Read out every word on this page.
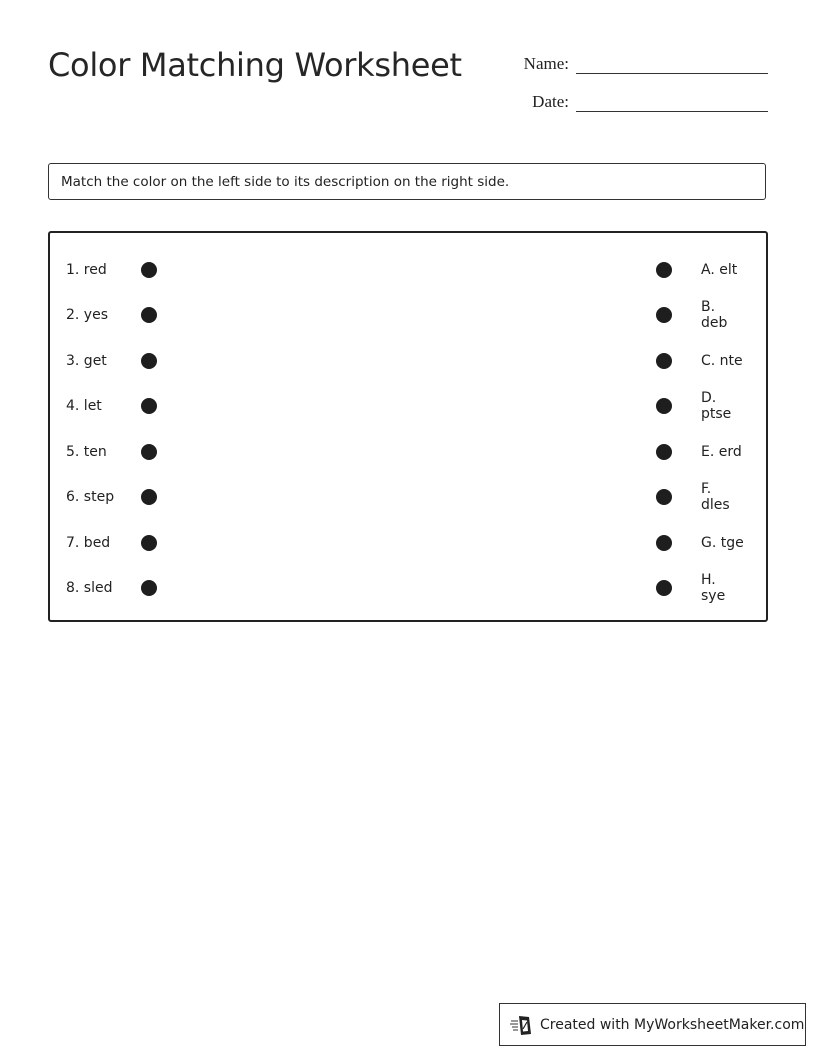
Color Matching Worksheet	Name:
Date:
Match the color on the left side to its description on the right side.
1. red
2. yes
3. get
4. let
5. ten
6. step
7. bed
8. sled
A. elt
B. deb
C. nte
D. ptse
E. erd
F. dles
G. tge
H. sye
Created with MyWorksheetMaker.com
